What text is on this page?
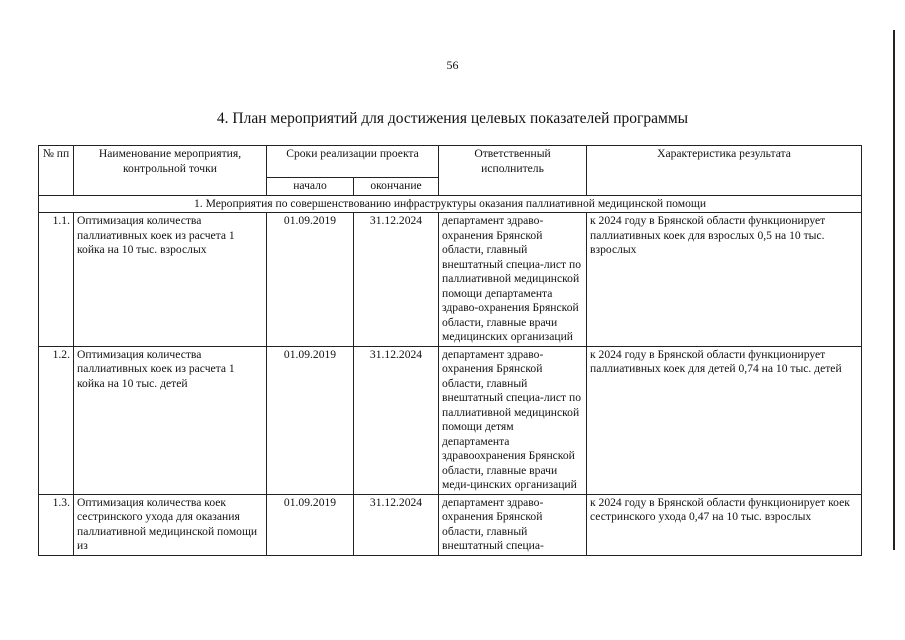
56
4. План мероприятий для достижения целевых показателей программы
№ пп	Наименование мероприятия, контрольной точки	Сроки реализации проекта		Ответственный исполнитель	Характеристика результата
		начало	окончание		
1. Мероприятия по совершенствованию инфраструктуры оказания паллиативной медицинской помощи					
1.1.	Оптимизация количества паллиативных коек из расчета 1 койка на 10 тыс. взрослых	01.09.2019	31.12.2024	департамент здраво-охранения Брянской области, главный внештатный специа-лист по паллиативной медицинской помощи департамента здраво-охранения Брянской области, главные врачи медицинских организаций	к 2024 году в Брянской области функционирует паллиативных коек для взрослых 0,5 на 10 тыс. взрослых
1.2.	Оптимизация количества паллиативных коек из расчета 1 койка на 10 тыс. детей	01.09.2019	31.12.2024	департамент здраво-охранения Брянской области, главный внештатный специа-лист по паллиативной медицинской помощи детям департамента здравоохранения Брянской области, главные врачи меди-цинских организаций	к 2024 году в Брянской области функционирует паллиативных коек для детей 0,74 на 10 тыс. детей
1.3.	Оптимизация количества коек сестринского ухода для оказания паллиативной медицинской помощи из	01.09.2019	31.12.2024	департамент здраво-охранения Брянской области, главный внештатный специа-	к 2024 году в Брянской области функционирует коек сестринского ухода 0,47 на 10 тыс. взрослых
